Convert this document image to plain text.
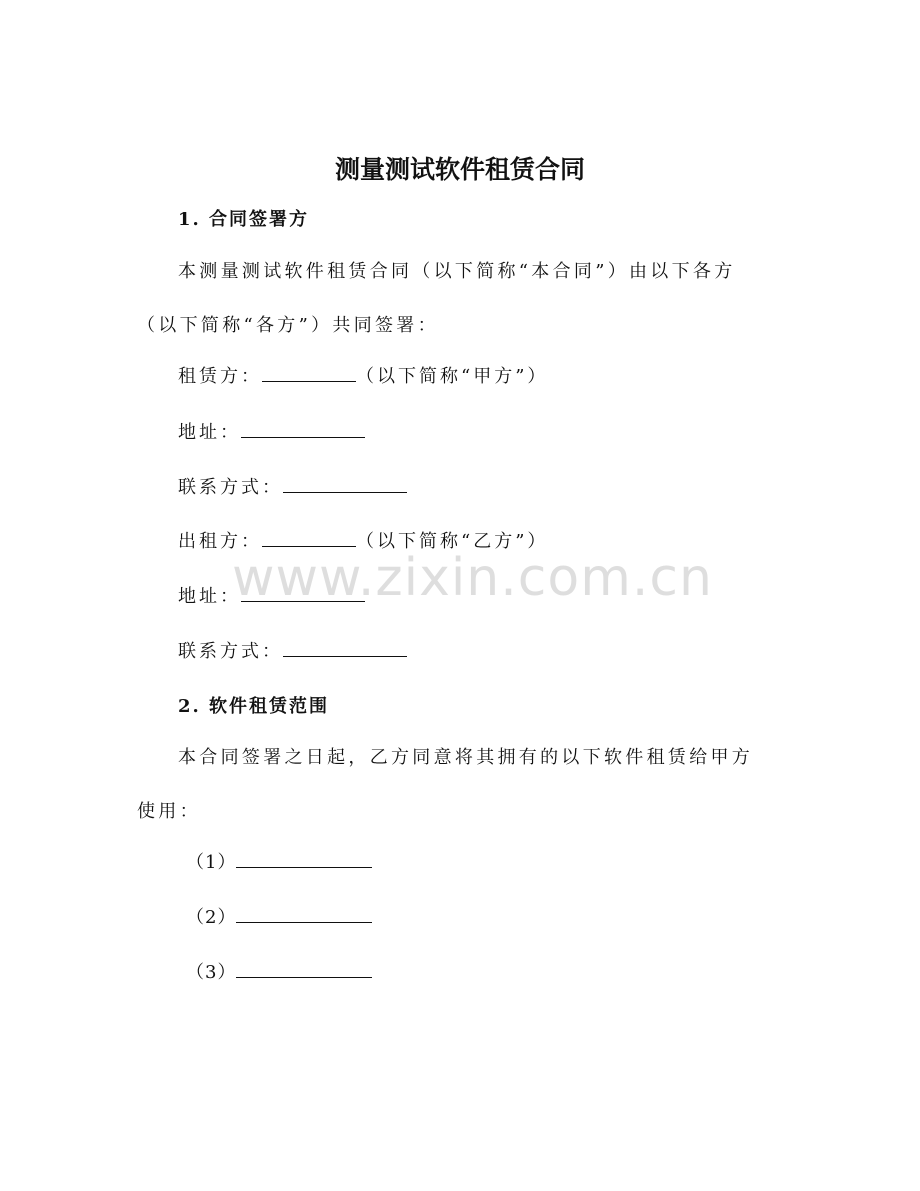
www.zixin.com.cn
测量测试软件租赁合同
1. 合同签署方
本测量测试软件租赁合同（以下简称“本合同”）由以下各方（以下简称“各方”）共同签署：
租赁方：	（以下简称“甲方”）
地址：
联系方式：
出租方：	（以下简称“乙方”）
地址：
联系方式：
2. 软件租赁范围
本合同签署之日起，乙方同意将其拥有的以下软件租赁给甲方使用：
（1）
（2）
（3）
